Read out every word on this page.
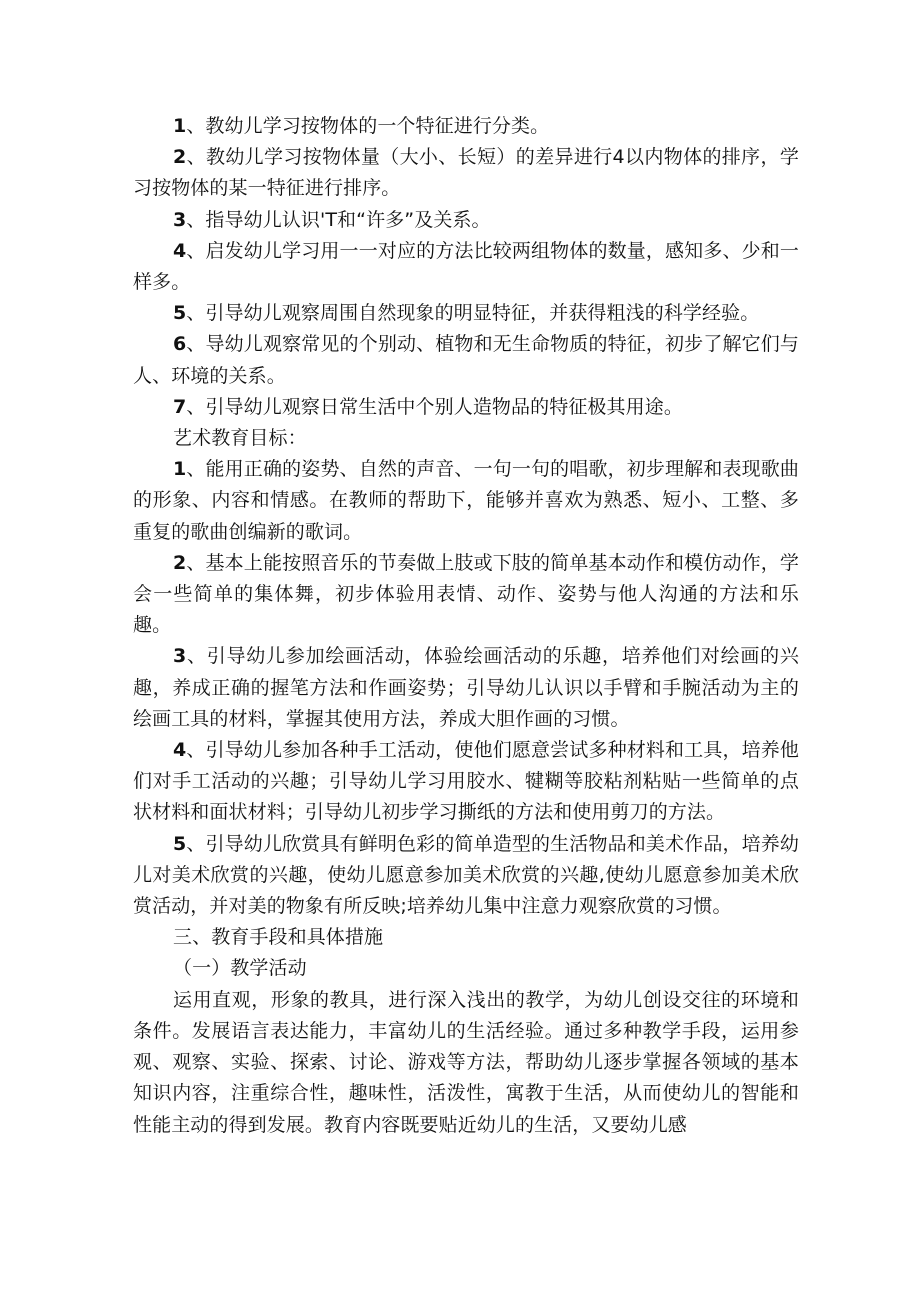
1、教幼儿学习按物体的一个特征进行分类。

2、教幼儿学习按物体量（大小、长短）的差异进行4以内物体的排序，学习按物体的某一特征进行排序。

3、指导幼儿认识'T和“许多”及关系。

4、启发幼儿学习用一一对应的方法比较两组物体的数量，感知多、少和一样多。

5、引导幼儿观察周围自然现象的明显特征，并获得粗浅的科学经验。

6、导幼儿观察常见的个别动、植物和无生命物质的特征，初步了解它们与人、环境的关系。

7、引导幼儿观察日常生活中个别人造物品的特征极其用途。

艺术教育目标：

1、能用正确的姿势、自然的声音、一句一句的唱歌，初步理解和表现歌曲的形象、内容和情感。在教师的帮助下，能够并喜欢为熟悉、短小、工整、多重复的歌曲创编新的歌词。

2、基本上能按照音乐的节奏做上肢或下肢的简单基本动作和模仿动作，学会一些简单的集体舞，初步体验用表情、动作、姿势与他人沟通的方法和乐趣。

3、引导幼儿参加绘画活动，体验绘画活动的乐趣，培养他们对绘画的兴趣，养成正确的握笔方法和作画姿势；引导幼儿认识以手臂和手腕活动为主的绘画工具的材料，掌握其使用方法，养成大胆作画的习惯。

4、引导幼儿参加各种手工活动，使他们愿意尝试多种材料和工具，培养他们对手工活动的兴趣；引导幼儿学习用胶水、犍糊等胶粘剂粘贴一些简单的点状材料和面状材料；引导幼儿初步学习撕纸的方法和使用剪刀的方法。

5、引导幼儿欣赏具有鲜明色彩的简单造型的生活物品和美术作品，培养幼儿对美术欣赏的兴趣，使幼儿愿意参加美术欣赏的兴趣,使幼儿愿意参加美术欣赏活动，并对美的物象有所反映;培养幼儿集中注意力观察欣赏的习惯。

三、教育手段和具体措施

（一）教学活动

运用直观，形象的教具，进行深入浅出的教学，为幼儿创设交往的环境和条件。发展语言表达能力，丰富幼儿的生活经验。通过多种教学手段，运用参观、观察、实验、探索、讨论、游戏等方法，帮助幼儿逐步掌握各领域的基本知识内容，注重综合性，趣味性，活泼性，寓教于生活，从而使幼儿的智能和性能主动的得到发展。教育内容既要贴近幼儿的生活，又要幼儿感
